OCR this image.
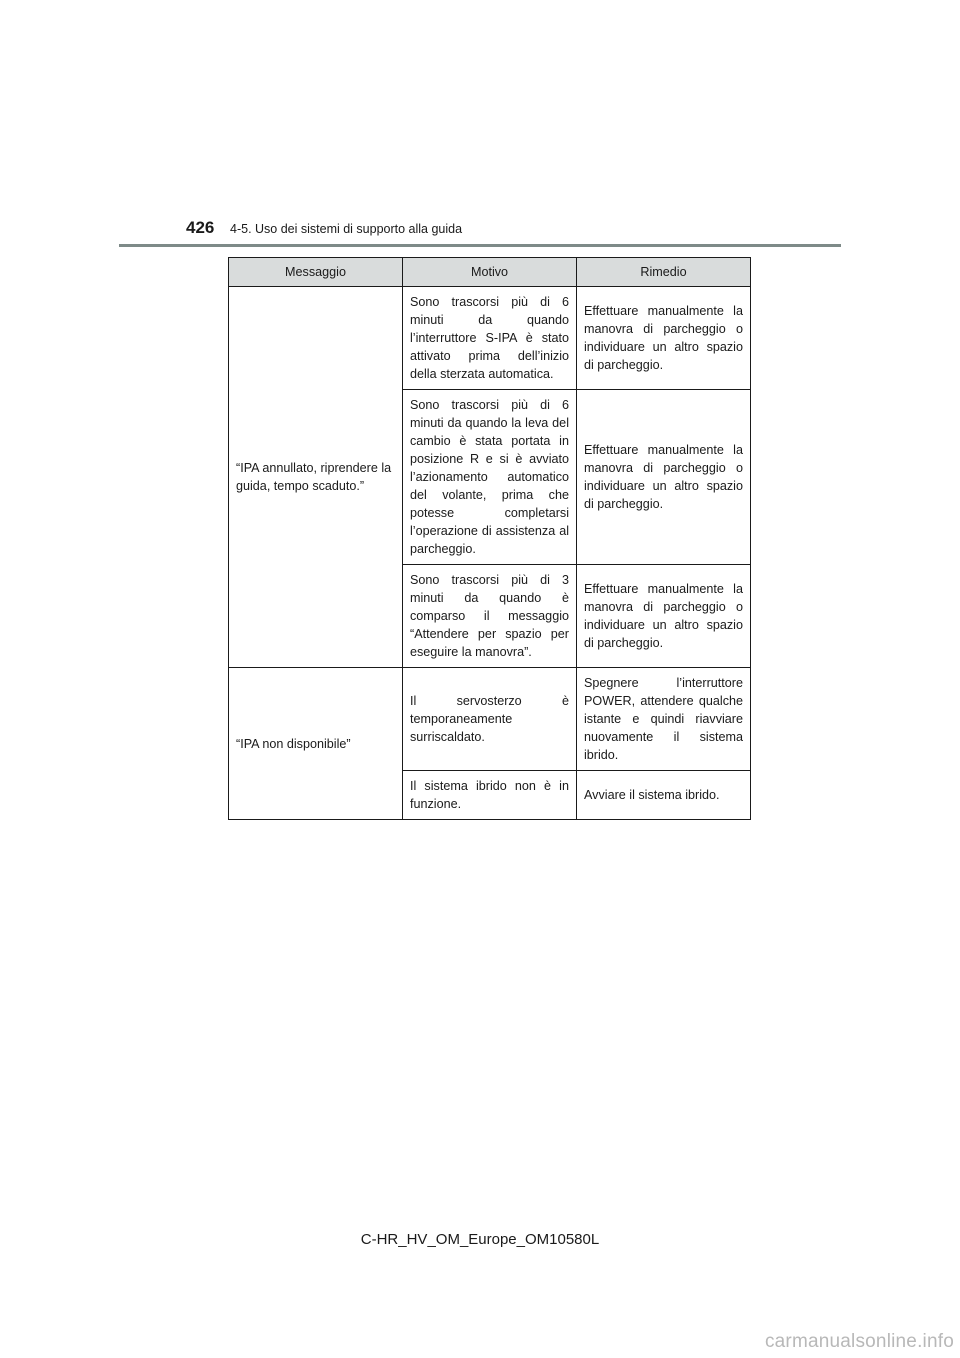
426 4-5. Uso dei sistemi di supporto alla guida
Messaggio	Motivo	Rimedio
“IPA annullato, riprendere la guida, tempo scaduto.”	Sono trascorsi più di 6 minuti da quando l’interruttore S-IPA è stato attivato prima dell’inizio della sterzata automatica.	Effettuare manualmente la manovra di parcheggio o individuare un altro spazio di parcheggio.
	Sono trascorsi più di 6 minuti da quando la leva del cambio è stata portata in posizione R e si è avviato l’azionamento automatico del volante, prima che potesse completarsi l’operazione di assistenza al parcheggio.	Effettuare manualmente la manovra di parcheggio o individuare un altro spazio di parcheggio.
	Sono trascorsi più di 3 minuti da quando è comparso il messaggio “Attendere per spazio per eseguire la manovra”.	Effettuare manualmente la manovra di parcheggio o individuare un altro spazio di parcheggio.
“IPA non disponibile”	Il servosterzo è temporaneamente surriscaldato.	Spegnere l’interruttore POWER, attendere qualche istante e quindi riavviare nuovamente il sistema ibrido.
	Il sistema ibrido non è in funzione.	Avviare il sistema ibrido.
C-HR_HV_OM_Europe_OM10580L
carmanualsonline.info
